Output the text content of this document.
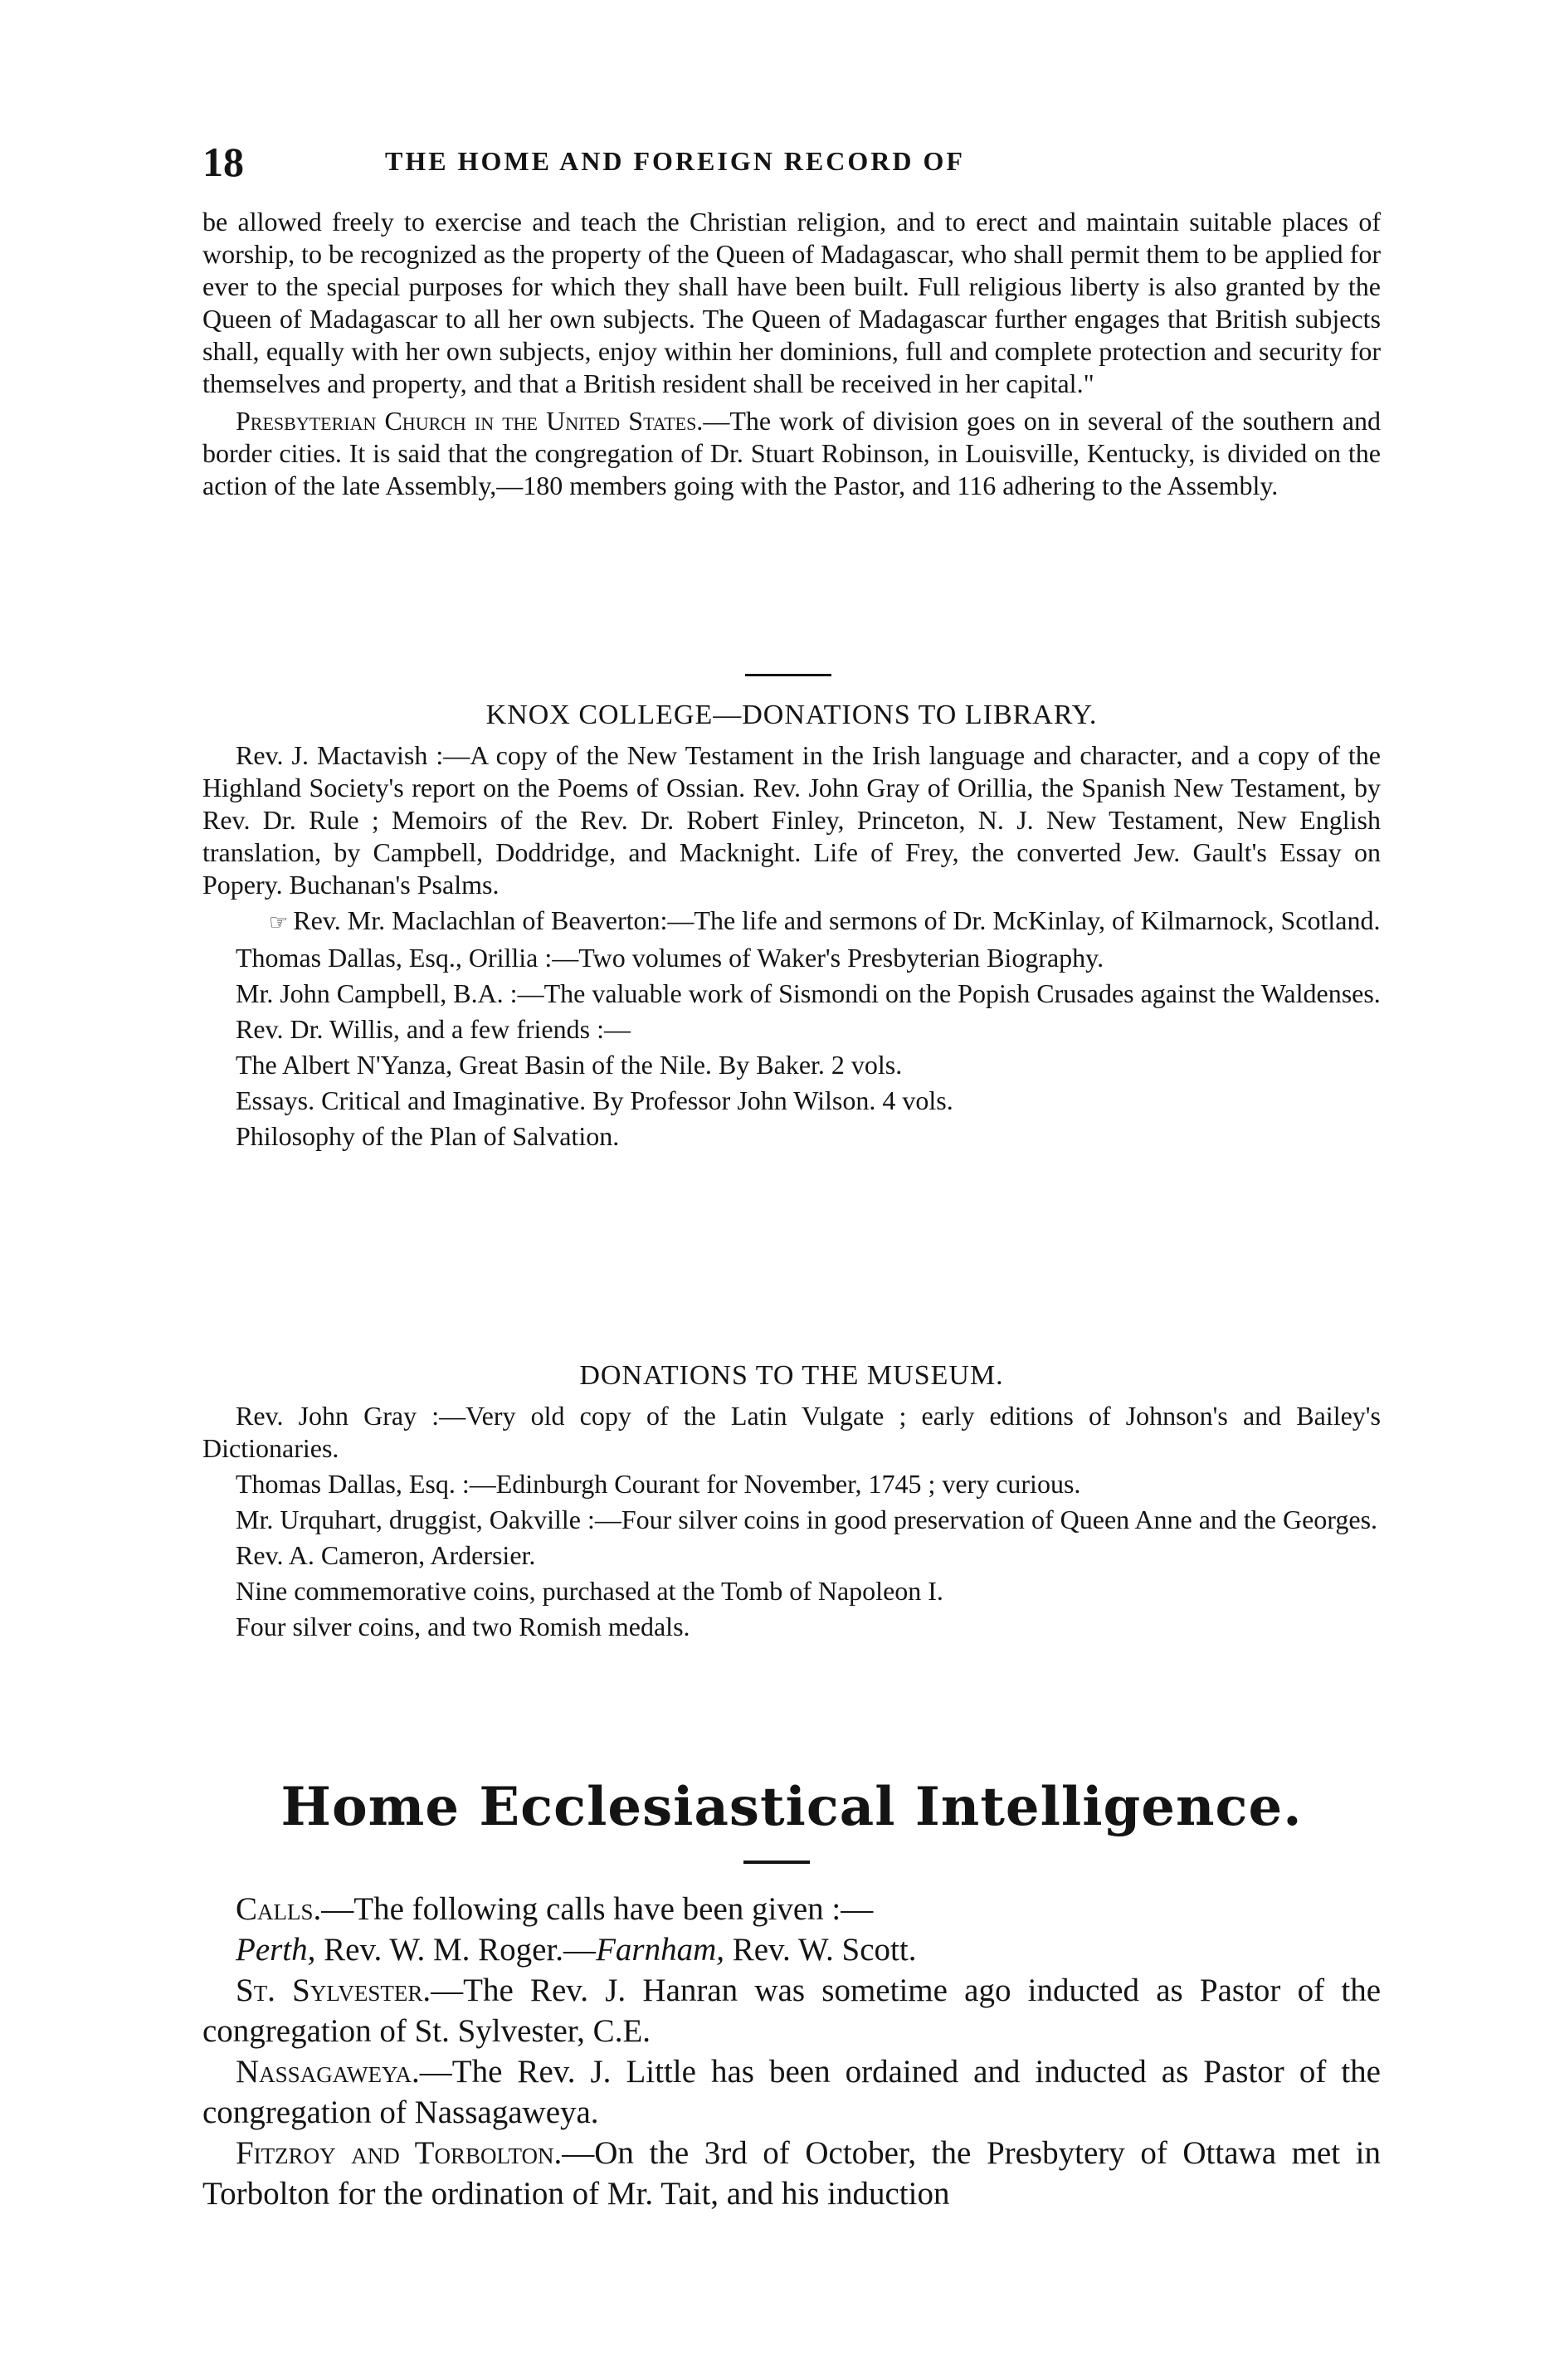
18	THE HOME AND FOREIGN RECORD OF

be allowed freely to exercise and teach the Christian religion, and to erect and maintain suitable places of worship, to be recognized as the property of the Queen of Madagascar, who shall permit them to be applied for ever to the special purposes for which they shall have been built. Full religious liberty is also granted by the Queen of Madagascar to all her own subjects. The Queen of Madagascar further engages that British subjects shall, equally with her own subjects, enjoy within her dominions, full and complete protection and security for themselves and property, and that a British resident shall be received in her capital."

Presbyterian Church in the United States.—The work of division goes on in several of the southern and border cities. It is said that the congregation of Dr. Stuart Robinson, in Louisville, Kentucky, is divided on the action of the late Assembly,—180 members going with the Pastor, and 116 adhering to the Assembly.

KNOX COLLEGE—DONATIONS TO LIBRARY.

Rev. J. Mactavish :—A copy of the New Testament in the Irish language and character, and a copy of the Highland Society's report on the Poems of Ossian. Rev. John Gray of Orillia, the Spanish New Testament, by Rev. Dr. Rule ; Memoirs of the Rev. Dr. Robert Finley, Princeton, N. J. New Testament, New English translation, by Campbell, Doddridge, and Macknight. Life of Frey, the converted Jew. Gault's Essay on Popery. Buchanan's Psalms.

☞ Rev. Mr. Maclachlan of Beaverton:—The life and sermons of Dr. McKinlay, of Kilmarnock, Scotland.

Thomas Dallas, Esq., Orillia :—Two volumes of Waker's Presbyterian Biography.

Mr. John Campbell, B.A. :—The valuable work of Sismondi on the Popish Crusades against the Waldenses.

Rev. Dr. Willis, and a few friends :—

The Albert N'Yanza, Great Basin of the Nile. By Baker. 2 vols.

Essays. Critical and Imaginative. By Professor John Wilson. 4 vols.

Philosophy of the Plan of Salvation.

DONATIONS TO THE MUSEUM.

Rev. John Gray :—Very old copy of the Latin Vulgate ; early editions of Johnson's and Bailey's Dictionaries.

Thomas Dallas, Esq. :—Edinburgh Courant for November, 1745 ; very curious.

Mr. Urquhart, druggist, Oakville :—Four silver coins in good preservation of Queen Anne and the Georges.

Rev. A. Cameron, Ardersier.

Nine commemorative coins, purchased at the Tomb of Napoleon I.

Four silver coins, and two Romish medals.

Home Ecclesiastical Intelligence.

Calls.—The following calls have been given :—

Perth, Rev. W. M. Roger.—Farnham, Rev. W. Scott.

St. Sylvester.—The Rev. J. Hanran was sometime ago inducted as Pastor of the congregation of St. Sylvester, C.E.

Nassagaweya.—The Rev. J. Little has been ordained and inducted as Pastor of the congregation of Nassagaweya.

Fitzroy and Torbolton.—On the 3rd of October, the Presbytery of Ottawa met in Torbolton for the ordination of Mr. Tait, and his induction
